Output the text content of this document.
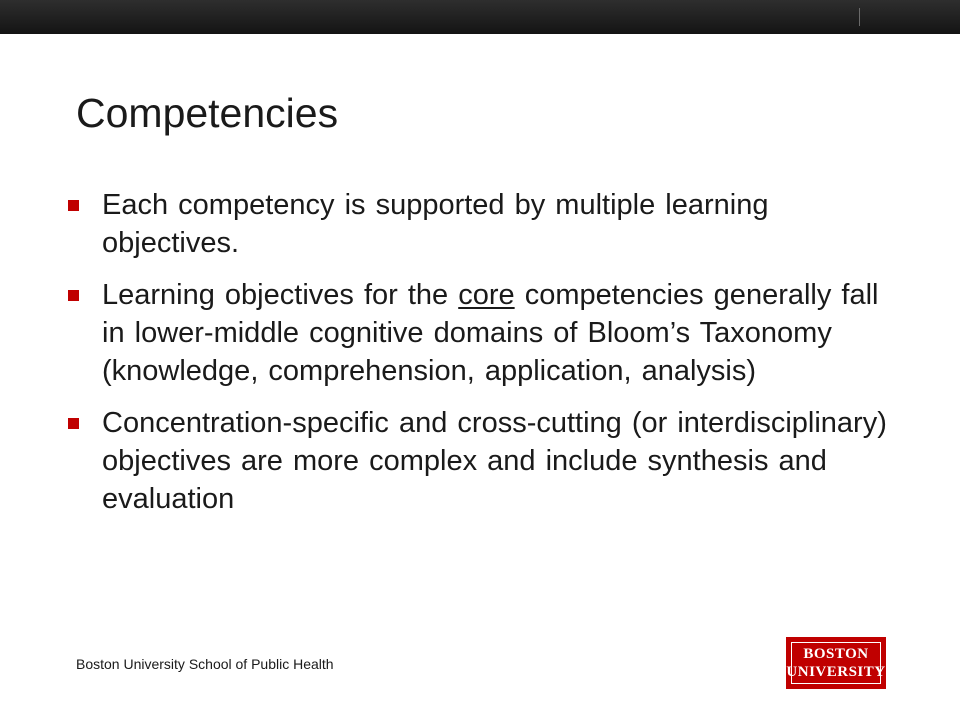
Competencies
Each competency is supported by multiple learning objectives.
Learning objectives for the core competencies generally fall in lower-middle cognitive domains of Bloom’s Taxonomy (knowledge, comprehension, application, analysis)
Concentration-specific and cross-cutting (or interdisciplinary) objectives are more complex and include synthesis and evaluation
Boston University School of Public Health
BOSTON
UNIVERSITY
